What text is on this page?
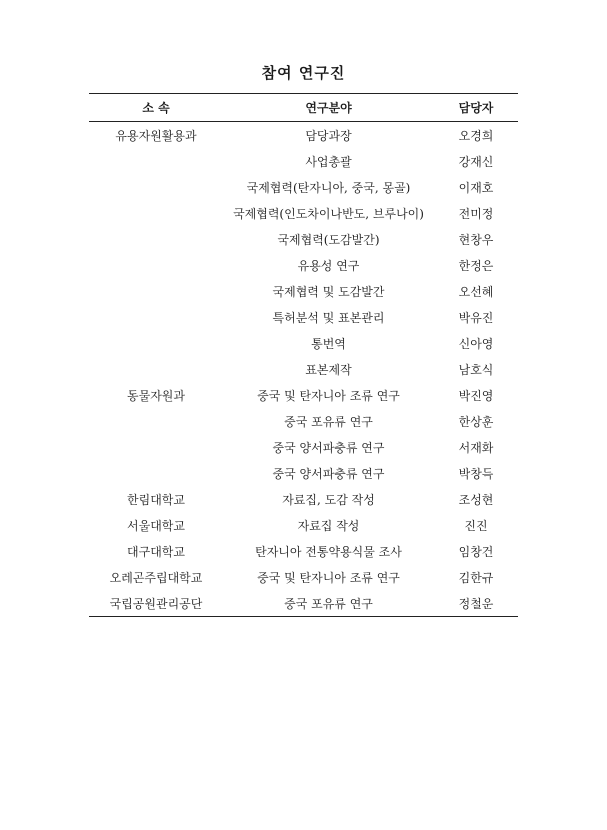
참여 연구진
소 속	연구분야	담당자
유용자원활용과	담당과장	오경희
	사업총괄	강재신
	국제협력(탄자니아, 중국, 몽골)	이재호
	국제협력(인도차이나반도, 브루나이)	전미정
	국제협력(도감발간)	현창우
	유용성 연구	한정은
	국제협력 및 도감발간	오선혜
	특허분석 및 표본관리	박유진
	통번역	신아영
	표본제작	남호식
동물자원과	중국 및 탄자니아 조류 연구	박진영
	중국 포유류 연구	한상훈
	중국 양서파충류 연구	서재화
	중국 양서파충류 연구	박창득
한림대학교	자료집, 도감 작성	조성현
서울대학교	자료집 작성	진진
대구대학교	탄자니아 전통약용식물 조사	임창건
오레곤주립대학교	중국 및 탄자니아 조류 연구	김한규
국립공원관리공단	중국 포유류 연구	정철운
